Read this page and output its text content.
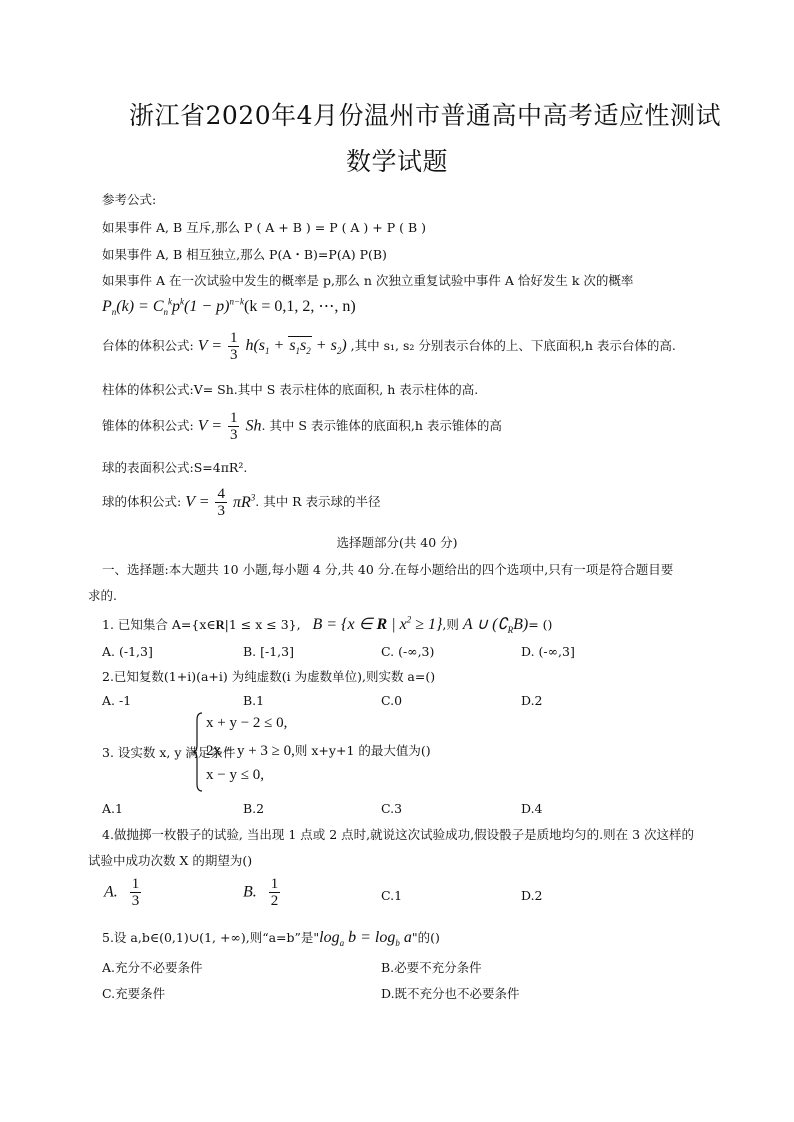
浙江省2020年4月份温州市普通高中高考适应性测试
数学试题
参考公式:
如果事件 A, B 互斥,那么 P ( A + B ) = P ( A ) + P ( B )
如果事件 A, B 相互独立,那么 P(A・B)=P(A) P(B)
如果事件 A 在一次试验中发生的概率是 p,那么 n 次独立重复试验中事件 A 恰好发生 k 次的概率
$P_n(k) = C_n^kp^k(1 - p)^{n-k}(k = 0,1$, 2, ⋯, n)
台体的体积公式: $V = \frac{1}{3} h(s_1 + s_1s_2 + s_2)$ ,其中 s₁, s₂ 分别表示台体的上、下底面积,h 表示台体的高.
柱体的体积公式:V= Sh.其中 S 表示柱体的底面积, h 表示柱体的高.
锥体的体积公式: $V = \frac{1}{3} Sh$. 其中 S 表示锥体的底面积,h 表示锥体的高
球的表面积公式:S=4πR².
球的体积公式: $V = \frac{4}{3} \pi R^3$. 其中 R 表示球的半径
选择题部分(共 40 分)
一、选择题:本大题共 10 小题,每小题 4 分,共 40 分.在每小题给出的四个选项中,只有一项是符合题目要
求的.
1. 已知集合 A={x∈R|1 ≤ x ≤ 3}, B = {x ∈ R | $x^2 \ge 1$},则 A ∪ $(∁_RB)=$ ()
A. (-1,3]	B. [-1,3]	C. (-∞,3)	D. (-∞,3]
2.已知复数(1+i)(a+i) 为纯虚数(i 为虚数单位),则实数 a=()
A. -1	B.1	C.0	D.2
3. 设实数 x, y 满足条件
x + y − 2 ≤ 0,
2x − y + 3 ≥ 0,则 x+y+1 的最大值为()
x − y ≤ 0,
A.1	B.2	C.3	D.4
4.做抛掷一枚骰子的试验, 当出现 1 点或 2 点时,就说这次试验成功,假设骰子是质地均匀的.则在 3 次这样的
试验中成功次数 X 的期望为()
A. $\frac{1}{3}$	B. $\frac{1}{2}$	C.1	D.2
5.设 a,b∈(0,1)∪(1, +∞),则“a=b”是"$\log_a$ $b = \log_b a$"的()
A.充分不必要条件	B.必要不充分条件
C.充要条件	D.既不充分也不必要条件
